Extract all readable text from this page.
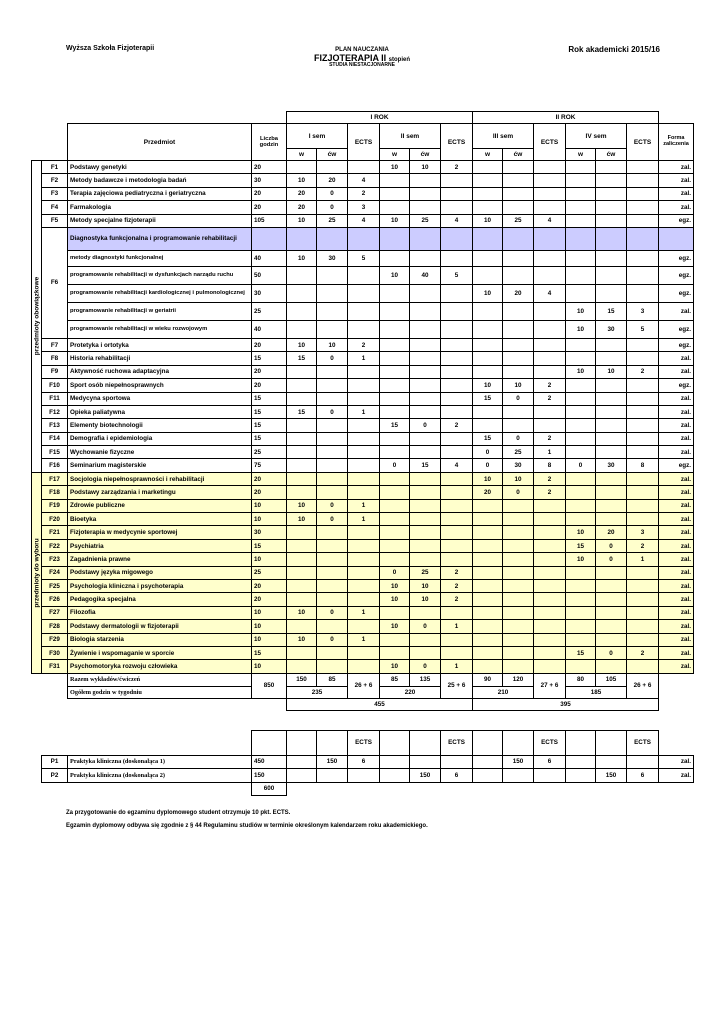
Wyższa Szkoła Fizjoterapii	PLAN NAUCZANIA
FIZJOTERAPIA II stopień
STUDIA NIESTACJONARNE
Rok akademicki 2015/16
				I ROK						II ROK						
		Przedmiot	Liczba godzin	I sem		ECTS	II sem		ECTS	III sem		ECTS	IV sem		ECTS	Forma zaliczenia
				w	ćw		w	ćw		w	ćw		w	ćw		

przedmioty obowiązkowe	F1	Podstawy genetyki	20				10	10	2							zal.
	F2	Metody badawcze i metodologia badań	30	10	20	4										zal.
	F3	Terapia zajęciowa pediatryczna i geriatryczna	20	20	0	2										zal.
	F4	Farmakologia	20	20	0	3										zal.
	F5	Metody specjalne fizjoterapii	105	10	25	4	10	25	4	10	25	4				egz.
	F6	Diagnostyka funkcjonalna i programowanie rehabilitacji														
		metody diagnostyki funkcjonalnej	40	10	30	5										egz.
		programowanie rehabilitacji w dysfunkcjach narządu ruchu	50				10	40	5							egz.
		programowanie rehabilitacji kardiologicznej i pulmonologicznej	30							10	20	4				egz.
		programowanie rehabilitacji w geriatrii	25										10	15	3	zal.
		programowanie rehabilitacji w wieku rozwojowym	40										10	30	5	egz.
	F7	Protetyka i ortotyka	20	10	10	2										egz.
	F8	Historia rehabilitacji	15	15	0	1										zal.
	F9	Aktywność ruchowa adaptacyjna	20										10	10	2	zal.
	F10	Sport osób niepełnosprawnych	20							10	10	2				egz.
	F11	Medycyna sportowa	15							15	0	2				zal.
	F12	Opieka paliatywna	15	15	0	1										zal.
	F13	Elementy biotechnologii	15				15	0	2							zal.
	F14	Demografia i epidemiologia	15							15	0	2				zal.
	F15	Wychowanie fizyczne	25							0	25	1				zal.
	F16	Seminarium magisterskie	75				0	15	4	0	30	8	0	30	8	egz.

przedmioty do wyboru	F17	Socjologia niepełnosprawności i rehabilitacji	20							10	10	2				zal.
	F18	Podstawy zarządzania i marketingu	20							20	0	2				zal.
	F19	Zdrowie publiczne	10	10	0	1										zal.
	F20	Bioetyka	10	10	0	1										zal.
	F21	Fizjoterapia w medycynie sportowej	30										10	20	3	zal.
	F22	Psychiatria	15										15	0	2	zal.
	F23	Zagadnienia prawne	10										10	0	1	zal.
	F24	Podstawy języka migowego	25				0	25	2							zal.
	F25	Psychologia kliniczna i psychoterapia	20				10	10	2							zal.
	F26	Pedagogika specjalna	20				10	10	2							zal.
	F27	Filozofia	10	10	0	1										zal.
	F28	Podstawy dermatologii w fizjoterapii	10				10	0	1							zal.
	F29	Biologia starzenia	10	10	0	1										zal.
	F30	Żywienie i wspomaganie w sporcie	15										15	0	2	zal.
	F31	Psychomotoryka rozwoju człowieka	10				10	0	1							zal.
		Razem wykładów/ćwiczeń	850	150	85	26 + 6	85	135	25 + 6	90	120	27 + 6	80	105	26 + 6	
		Ogółem godzin w tygodniu		235			220			210			185			
				455						395						

						ECTS			ECTS			ECTS			ECTS	
	P1	Praktyka kliniczna (doskonaląca 1)	450		150	6					150	6				zal.
	P2	Praktyka kliniczna (doskonaląca 2)	150					150	6					150	6	zal.
			600													
Za przygotowanie do egzaminu dyplomowego student otrzymuje 10 pkt. ECTS.
Egzamin dyplomowy odbywa się zgodnie z § 44 Regulaminu studiów w terminie określonym kalendarzem roku akademickiego.
